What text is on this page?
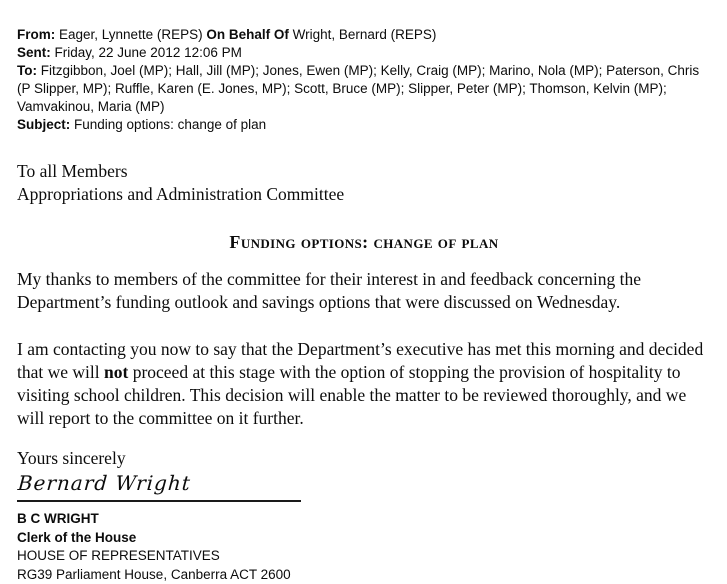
From: Eager, Lynnette (REPS) On Behalf Of Wright, Bernard (REPS)
Sent: Friday, 22 June 2012 12:06 PM
To: Fitzgibbon, Joel (MP); Hall, Jill (MP); Jones, Ewen (MP); Kelly, Craig (MP); Marino, Nola (MP); Paterson, Chris (P Slipper, MP); Ruffle, Karen (E. Jones, MP); Scott, Bruce (MP); Slipper, Peter (MP); Thomson, Kelvin (MP); Vamvakinou, Maria (MP)
Subject: Funding options: change of plan
To all Members
Appropriations and Administration Committee
Funding options: change of plan
My thanks to members of the committee for their interest in and feedback concerning the Department’s funding outlook and savings options that were discussed on Wednesday.
I am contacting you now to say that the Department’s executive has met this morning and decided that we will not proceed at this stage with the option of stopping the provision of hospitality to visiting school children. This decision will enable the matter to be reviewed thoroughly, and we will report to the committee on it further.
Yours sincerely
Bernard Wright
B C WRIGHT
Clerk of the House
HOUSE OF REPRESENTATIVES
RG39 Parliament House, Canberra ACT 2600
